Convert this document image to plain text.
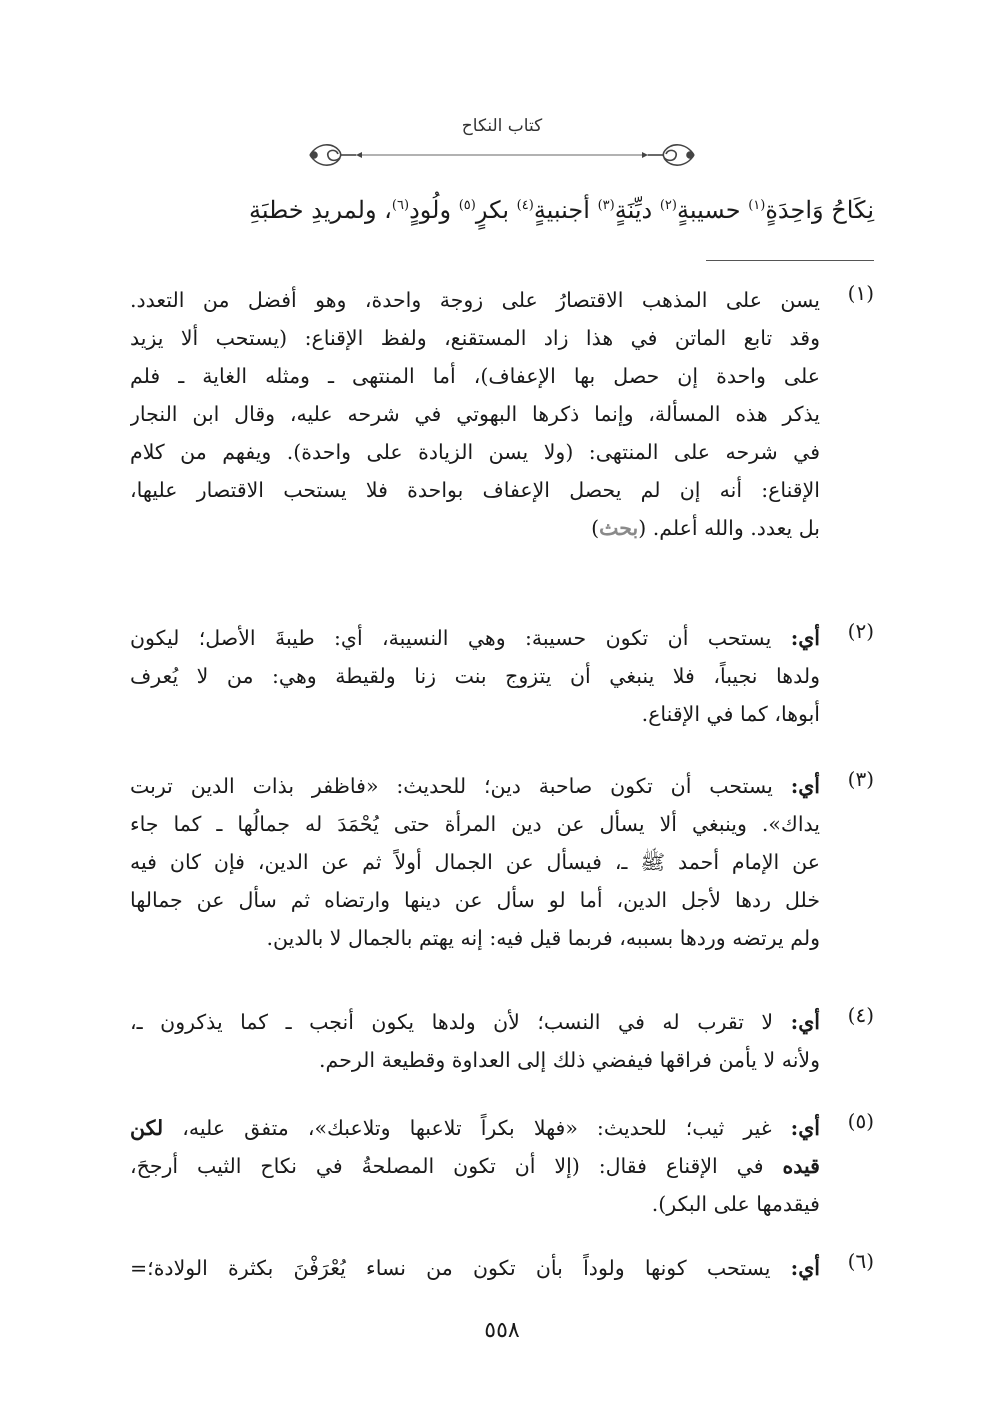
كتاب النكاح
نِكَاحُ وَاحِدَةٍ$^{(١)}$ حسيبةٍ$^{(٢)}$ ديِّنَةٍ$^{(٣)}$ أجنبيةٍ$^{(٤)}$ بكرٍ$^{(٥)}$ ولُودٍ$^{(٦)}$، ولمريدِ خطبَةِ
(١)
يسن على المذهب الاقتصارُ على زوجة واحدة، وهو أفضل من التعدد.
وقد تابع الماتن في هذا زاد المستقنع، ولفظ الإقناع: (يستحب ألا يزيد
على واحدة إن حصل بها الإعفاف)، أما المنتهى ـ ومثله الغاية ـ فلم
يذكر هذه المسألة، وإنما ذكرها البهوتي في شرحه عليه، وقال ابن النجار
في شرحه على المنتهى: (ولا يسن الزيادة على واحدة). ويفهم من كلام
الإقناع: أنه إن لم يحصل الإعفاف بواحدة فلا يستحب الاقتصار عليها،
بل يعدد. والله أعلم. (بحث)
(٢)
أي: يستحب أن تكون حسيبة: وهي النسيبة، أي: طيبةَ الأصل؛ ليكون
ولدها نجيباً، فلا ينبغي أن يتزوج بنت زنا ولقيطة وهي: من لا يُعرف
أبوها، كما في الإقناع.
(٣)
أي: يستحب أن تكون صاحبة دين؛ للحديث: «فاظفر بذات الدين تربت
يداك». وينبغي ألا يسأل عن دين المرأة حتى يُحْمَدَ له جمالُها ـ كما جاء
عن الإمام أحمد ﷺ ـ، فيسأل عن الجمال أولاً ثم عن الدين، فإن كان فيه
خلل ردها لأجل الدين، أما لو سأل عن دينها وارتضاه ثم سأل عن جمالها
ولم يرتضه وردها بسببه، فربما قيل فيه: إنه يهتم بالجمال لا بالدين.
(٤)
أي: لا تقرب له في النسب؛ لأن ولدها يكون أنجب ـ كما يذكرون ـ،
ولأنه لا يأمن فراقها فيفضي ذلك إلى العداوة وقطيعة الرحم.
(٥)
أي: غير ثيب؛ للحديث: «فهلا بكراً تلاعبها وتلاعبك»، متفق عليه، لكن
قيده في الإقناع فقال: (إلا أن تكون المصلحةُ في نكاح الثيب أرجحَ،
فيقدمها على البكر).
(٦)
أي: يستحب كونها ولوداً بأن تكون من نساء يُعْرَفْنَ بكثرة الولادة؛=
٥٥٨
